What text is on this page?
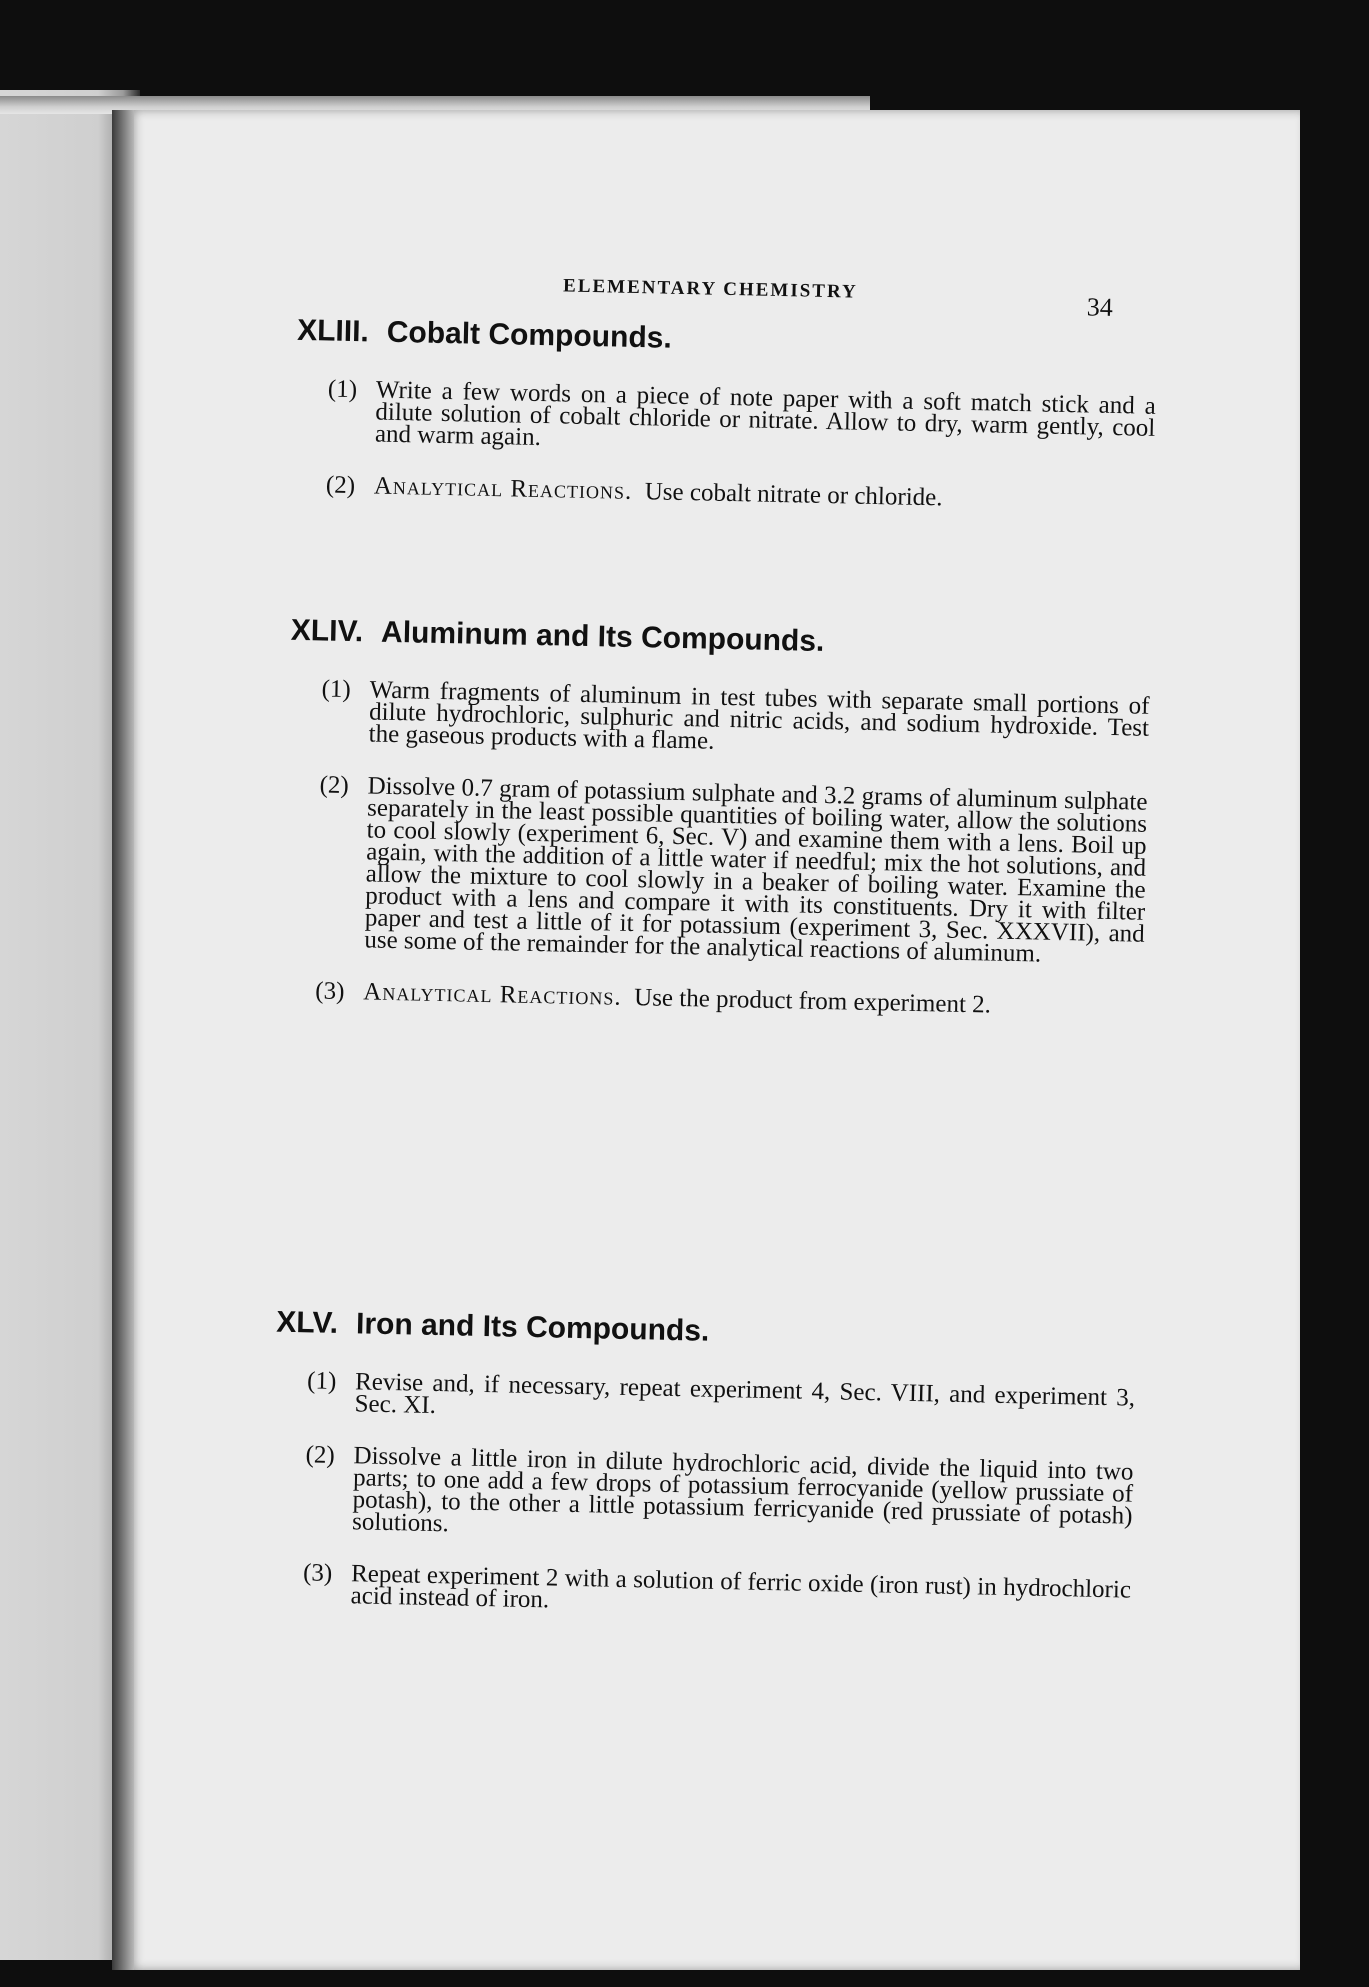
ELEMENTARY CHEMISTRY
34
XLIII. Cobalt Compounds.
(1) Write a few words on a piece of note paper with a soft match stick and a dilute solution of cobalt chloride or nitrate. Allow to dry, warm gently, cool and warm again.
(2) Analytical Reactions. Use cobalt nitrate or chloride.
XLIV. Aluminum and Its Compounds.
(1) Warm fragments of aluminum in test tubes with separate small portions of dilute hydrochloric, sulphuric and nitric acids, and sodium hydroxide. Test the gaseous products with a flame.
(2) Dissolve 0.7 gram of potassium sulphate and 3.2 grams of aluminum sulphate separately in the least possible quantities of boiling water, allow the solutions to cool slowly (experiment 6, Sec. V) and examine them with a lens. Boil up again, with the addition of a little water if needful; mix the hot solutions, and allow the mixture to cool slowly in a beaker of boiling water. Examine the product with a lens and compare it with its constituents. Dry it with filter paper and test a little of it for potassium (experiment 3, Sec. XXXVII), and use some of the remainder for the analytical reactions of aluminum.
(3) Analytical Reactions. Use the product from experiment 2.
XLV. Iron and Its Compounds.
(1) Revise and, if necessary, repeat experiment 4, Sec. VIII, and experiment 3, Sec. XI.
(2) Dissolve a little iron in dilute hydrochloric acid, divide the liquid into two parts; to one add a few drops of potassium ferrocyanide (yellow prussiate of potash), to the other a little potassium ferricyanide (red prussiate of potash) solutions.
(3) Repeat experiment 2 with a solution of ferric oxide (iron rust) in hydrochloric acid instead of iron.
